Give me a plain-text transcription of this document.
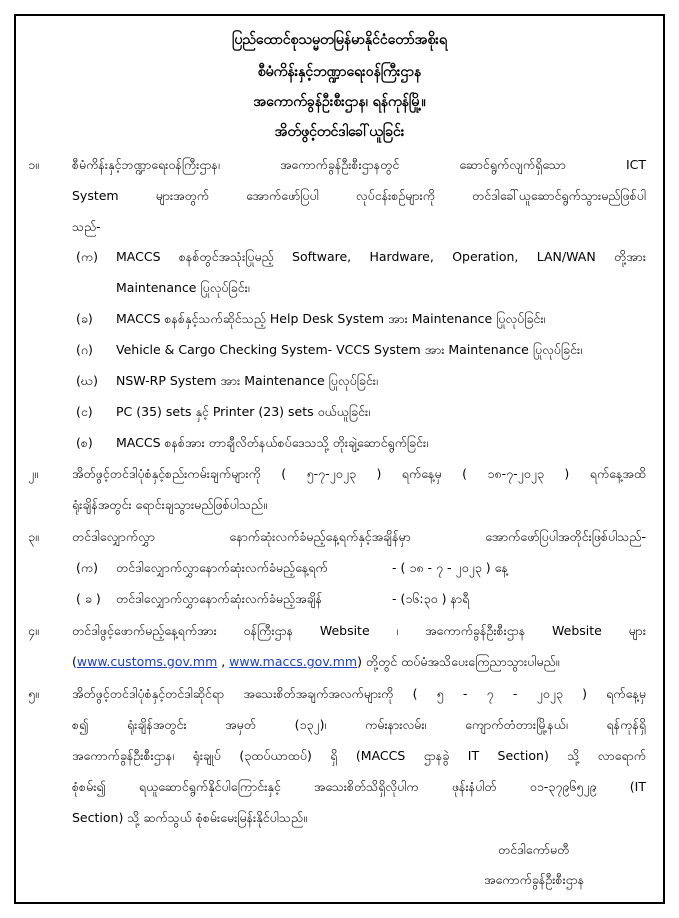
ပြည်ထောင်စုသမ္မတမြန်မာနိုင်ငံတော်အစိုးရ
စီမံကိန်းနှင့်ဘဏ္ဍာရေးဝန်ကြီးဌာန
အကောက်ခွန်ဦးစီးဌာန၊ ရန်ကုန်မြို့။
အိတ်ဖွင့်တင်ဒါခေါ်ယူခြင်း
၁။	စီမံကိန်းနှင့်ဘဏ္ဍာရေးဝန်ကြီးဌာန၊ အကောက်ခွန်ဦးစီးဌာနတွင် ဆောင်ရွက်လျက်ရှိသော ICT
System များအတွက် အောက်ဖော်ပြပါ လုပ်ငန်းစဉ်များကို တင်ဒါခေါ်ယူဆောင်ရွက်သွားမည်ဖြစ်ပါ
သည်-
(က) MACCS စနစ်တွင်အသုံးပြုမည့် Software, Hardware, Operation, LAN/WAN တို့အား
Maintenance ပြုလုပ်ခြင်း၊
(ခ) MACCS စနစ်နှင့်သက်ဆိုင်သည့် Help Desk System အား Maintenance ပြုလုပ်ခြင်း၊
(ဂ) Vehicle & Cargo Checking System- VCCS System အား Maintenance ပြုလုပ်ခြင်း၊
(ဃ) NSW-RP System အား Maintenance ပြုလုပ်ခြင်း၊
(င) PC (35) sets နှင့် Printer (23) sets ဝယ်ယူခြင်း၊
(စ) MACCS စနစ်အား တာချီလိတ်နယ်စပ်ဒေသသို့ တိုးချဲ့ဆောင်ရွက်ခြင်း၊
၂။	အိတ်ဖွင့်တင်ဒါပုံစံနှင့်စည်းကမ်းချက်များကို ( ၅-၇-၂၀၂၃ ) ရက်နေ့မှ ( ၁၈-၇-၂၀၂၃ ) ရက်နေ့အထိ
ရုံးချိန်အတွင်း ရောင်းချသွားမည်ဖြစ်ပါသည်။
၃။	တင်ဒါလျှောက်လွှာ နောက်ဆုံးလက်ခံမည့်နေ့ရက်နှင့်အချိန်မှာ အောက်ဖော်ပြပါအတိုင်းဖြစ်ပါသည်-
(က) တင်ဒါလျှောက်လွှာနောက်ဆုံးလက်ခံမည့်နေ့ရက်	- ( ၁၈ - ၇ - ၂၀၂၃ ) နေ့
( ခ ) တင်ဒါလျှောက်လွှာနောက်ဆုံးလက်ခံမည့်အချိန်	- (၁၆:၃၀ ) နာရီ
၄။	တင်ဒါဖွင့်ဖောက်မည့်နေ့ရက်အား ဝန်ကြီးဌာန Website ၊ အကောက်ခွန်ဦးစီးဌာန Website များ
(www.customs.gov.mm , www.maccs.gov.mm) တို့တွင် ထပ်မံအသိပေးကြေညာသွားပါမည်။
၅။	အိတ်ဖွင့်တင်ဒါပုံစံနှင့်တင်ဒါဆိုင်ရာ အသေးစိတ်အချက်အလက်များကို ( ၅ - ၇ - ၂၀၂၃ ) ရက်နေ့မှ
စ၍ ရုံးချိန်အတွင်း အမှတ် (၁၃၂)၊ ကမ်းနားလမ်း၊ ကျောက်တံတားမြို့နယ်၊ ရန်ကုန်ရှိ
အကောက်ခွန်ဦးစီးဌာန၊ ရုံးချုပ် (၃ထပ်ယာထပ်) ရှိ (MACCS ဌာနခွဲ IT Section) သို့ လာရောက်
စုံစမ်း၍ ရယူဆောင်ရွက်နိုင်ပါကြောင်းနှင့် အသေးစိတ်သိရှိလိုပါက ဖုန်းနံပါတ် ၀၁-၃၇၉၆၅၂၉ (IT
Section) သို့ ဆက်သွယ် စုံစမ်းမေးမြန်းနိုင်ပါသည်။
တင်ဒါကော်မတီ
အကောက်ခွန်ဦးစီးဌာန
